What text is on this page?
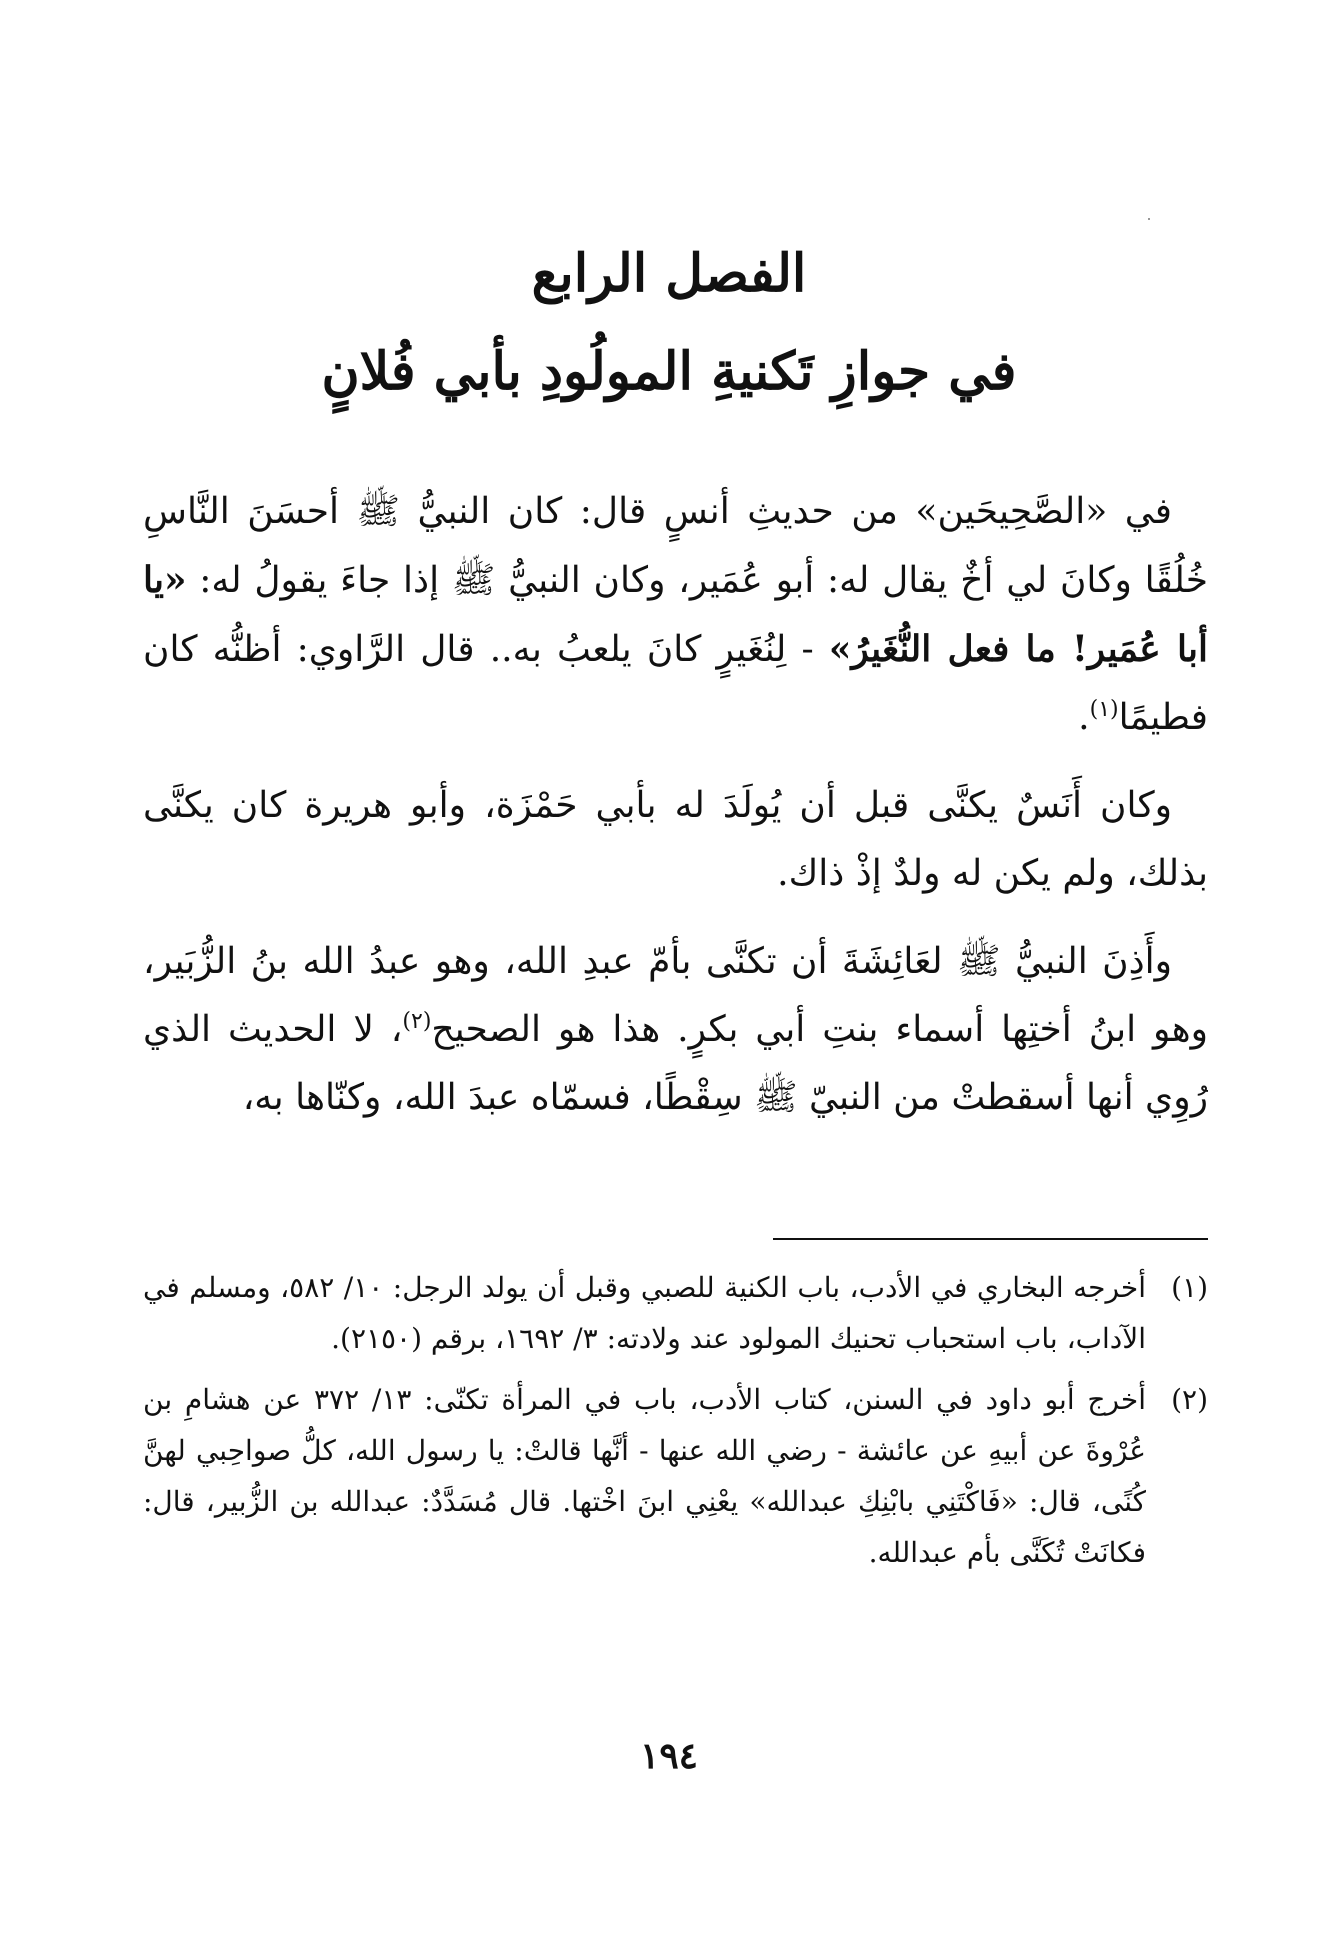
الفصل الرابع
في جوازِ تَكنيةِ المولُودِ بأبي فُلانٍ

في «الصَّحِيحَين» من حديثِ أنسٍ قال: كان النبيُّ ﷺ أحسَنَ النَّاسِ خُلُقًا وكانَ لي أخٌ يقال له: أبو عُمَير، وكان النبيُّ ﷺ إذا جاءَ يقولُ له: «يا أبا عُمَير! ما فعل النُّغَيرُ» - لِنُغَيرٍ كانَ يلعبُ به.. قال الرَّاوي: أظنُّه كان فطيمًا$^{(١)}$.

وكان أَنَسٌ يكنَّى قبل أن يُولَدَ له بأبي حَمْزَة، وأبو هريرة كان يكنَّى بذلك، ولم يكن له ولدٌ إذْ ذاك.

وأَذِنَ النبيُّ ﷺ لعَائِشَةَ أن تكنَّى بأمّ عبدِ الله، وهو عبدُ الله بنُ الزُّبَير، وهو ابنُ أختِها أسماء بنتِ أبي بكرٍ. هذا هو الصحيح$^{(٢)}$، لا الحديث الذي رُوِي أنها أسقطتْ من النبيّ ﷺ سِقْطًا، فسمّاه عبدَ الله، وكنّاها به،

(١)
أخرجه البخاري في الأدب، باب الكنية للصبي وقبل أن يولد الرجل: ١٠/ ٥٨٢، ومسلم في الآداب، باب استحباب تحنيك المولود عند ولادته: ٣/ ١٦٩٢، برقم (٢١٥٠).
(٢)
أخرج أبو داود في السنن، كتاب الأدب، باب في المرأة تكنّى: ١٣/ ٣٧٢ عن هشامِ بن عُرْوةَ عن أبيهِ عن عائشة - رضي الله عنها - أنَّها قالتْ: يا رسول الله، كلُّ صواحِبي لهنَّ كُنًى، قال: «فَاكْتَنِي بابْنِكِ عبدالله» يعْنِي ابنَ اخْتها. قال مُسَدَّدٌ: عبدالله بن الزُّبير، قال: فكانَتْ تُكَنَّى بأم عبدالله.
١٩٤
